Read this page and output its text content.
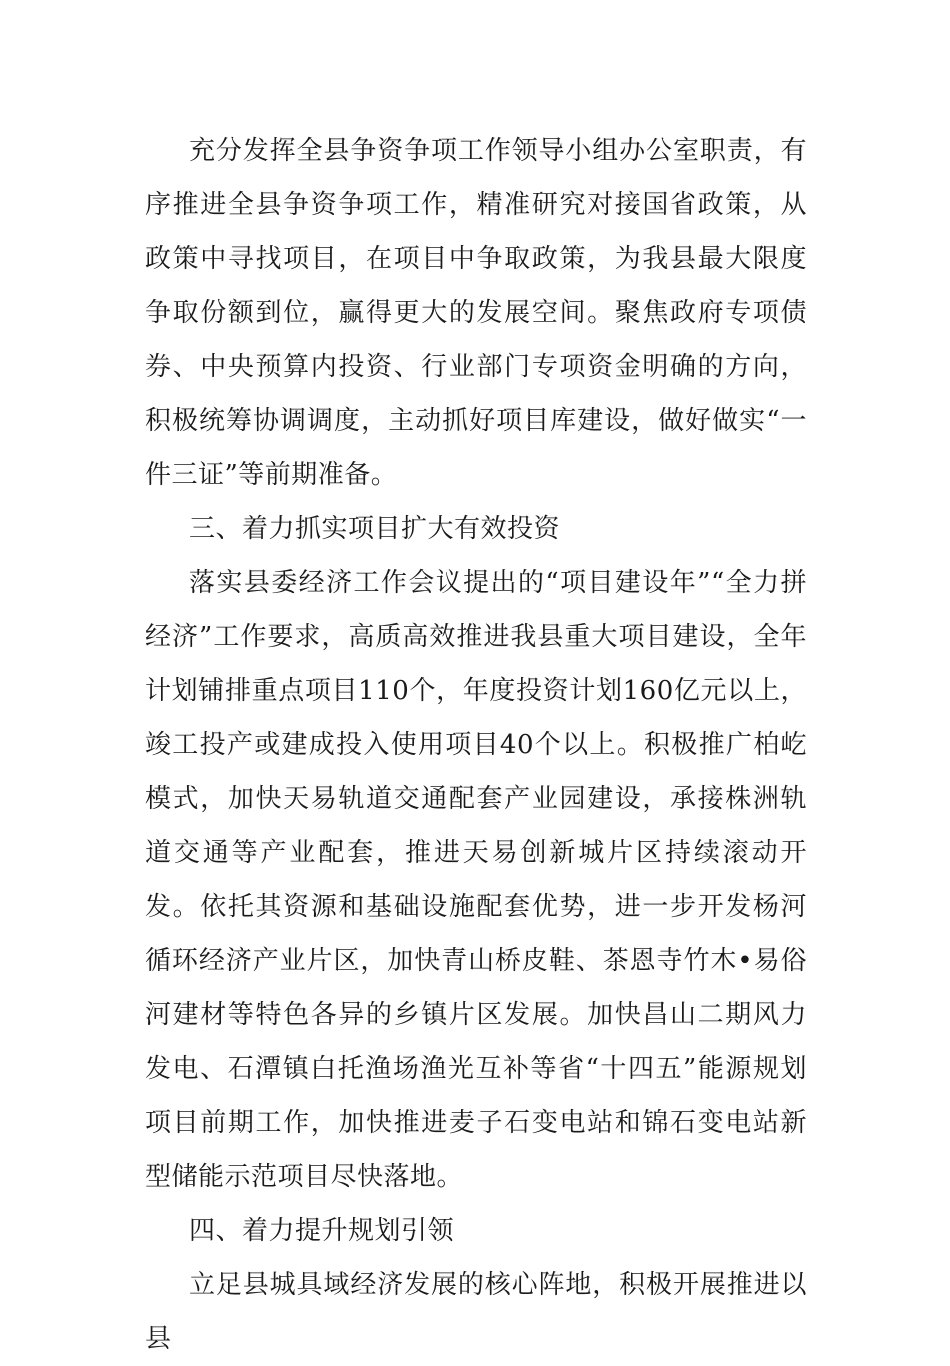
充分发挥全县争资争项工作领导小组办公室职责，有序推进全县争资争项工作，精准研究对接国省政策，从政策中寻找项目，在项目中争取政策，为我县最大限度争取份额到位，赢得更大的发展空间。聚焦政府专项债券、中央预算内投资、行业部门专项资金明确的方向，积极统筹协调调度，主动抓好项目库建设，做好做实“一件三证”等前期准备。

三、着力抓实项目扩大有效投资

落实县委经济工作会议提出的“项目建设年”“全力拼经济”工作要求，高质高效推进我县重大项目建设，全年计划铺排重点项目110个，年度投资计划160亿元以上，竣工投产或建成投入使用项目40个以上。积极推广柏屹模式，加快天易轨道交通配套产业园建设，承接株洲轨道交通等产业配套，推进天易创新城片区持续滚动开发。依托其资源和基础设施配套优势，进一步开发杨河循环经济产业片区，加快青山桥皮鞋、茶恩寺竹木•易俗河建材等特色各异的乡镇片区发展。加快昌山二期风力发电、石潭镇白托渔场渔光互补等省“十四五”能源规划项目前期工作，加快推进麦子石变电站和锦石变电站新型储能示范项目尽快落地。

四、着力提升规划引领

立足县城具域经济发展的核心阵地，积极开展推进以县
